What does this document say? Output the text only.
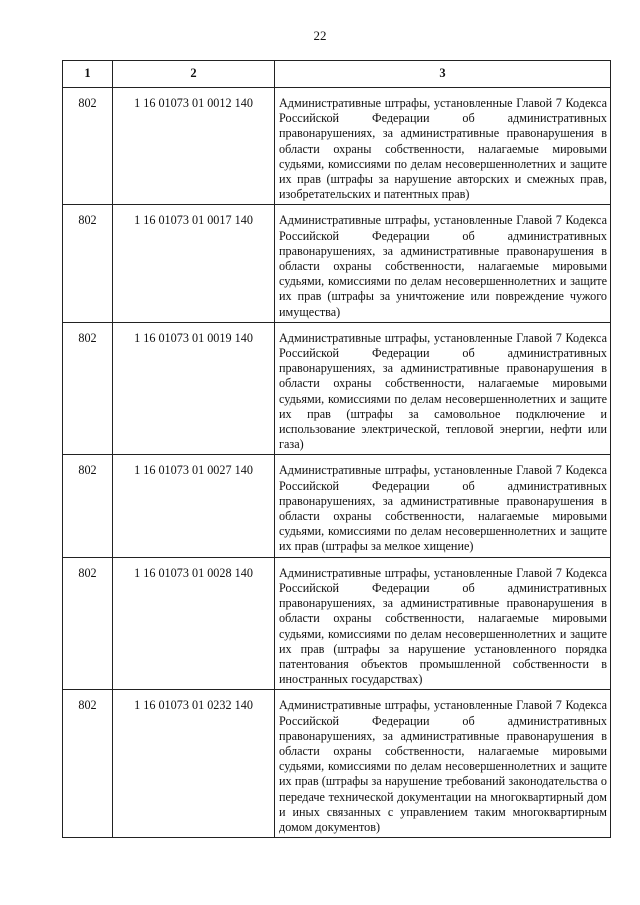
22
1	2	3
802	1 16 01073 01 0012 140	Административные штрафы, установленные Главой 7 Кодекса Российской Федерации об административных правонарушениях, за административные правонарушения в области охраны собственности, налагаемые мировыми судьями, комиссиями по делам несовершеннолетних и защите их прав (штрафы за нарушение авторских и смежных прав, изобретательских и патентных прав)
802	1 16 01073 01 0017 140	Административные штрафы, установленные Главой 7 Кодекса Российской Федерации об административных правонарушениях, за административные правонарушения в области охраны собственности, налагаемые мировыми судьями, комиссиями по делам несовершеннолетних и защите их прав (штрафы за уничтожение или повреждение чужого имущества)
802	1 16 01073 01 0019 140	Административные штрафы, установленные Главой 7 Кодекса Российской Федерации об административных правонарушениях, за административные правонарушения в области охраны собственности, налагаемые мировыми судьями, комиссиями по делам несовершеннолетних и защите их прав (штрафы за самовольное подключение и использование электрической, тепловой энергии, нефти или газа)
802	1 16 01073 01 0027 140	Административные штрафы, установленные Главой 7 Кодекса Российской Федерации об административных правонарушениях, за административные правонарушения в области охраны собственности, налагаемые мировыми судьями, комиссиями по делам несовершеннолетних и защите их прав (штрафы за мелкое хищение)
802	1 16 01073 01 0028 140	Административные штрафы, установленные Главой 7 Кодекса Российской Федерации об административных правонарушениях, за административные правонарушения в области охраны собственности, налагаемые мировыми судьями, комиссиями по делам несовершеннолетних и защите их прав (штрафы за нарушение установленного порядка патентования объектов промышленной собственности в иностранных государствах)
802	1 16 01073 01 0232 140	Административные штрафы, установленные Главой 7 Кодекса Российской Федерации об административных правонарушениях, за административные правонарушения в области охраны собственности, налагаемые мировыми судьями, комиссиями по делам несовершеннолетних и защите их прав (штрафы за нарушение требований законодательства о передаче технической документации на многоквартирный дом и иных связанных с управлением таким многоквартирным домом документов)
